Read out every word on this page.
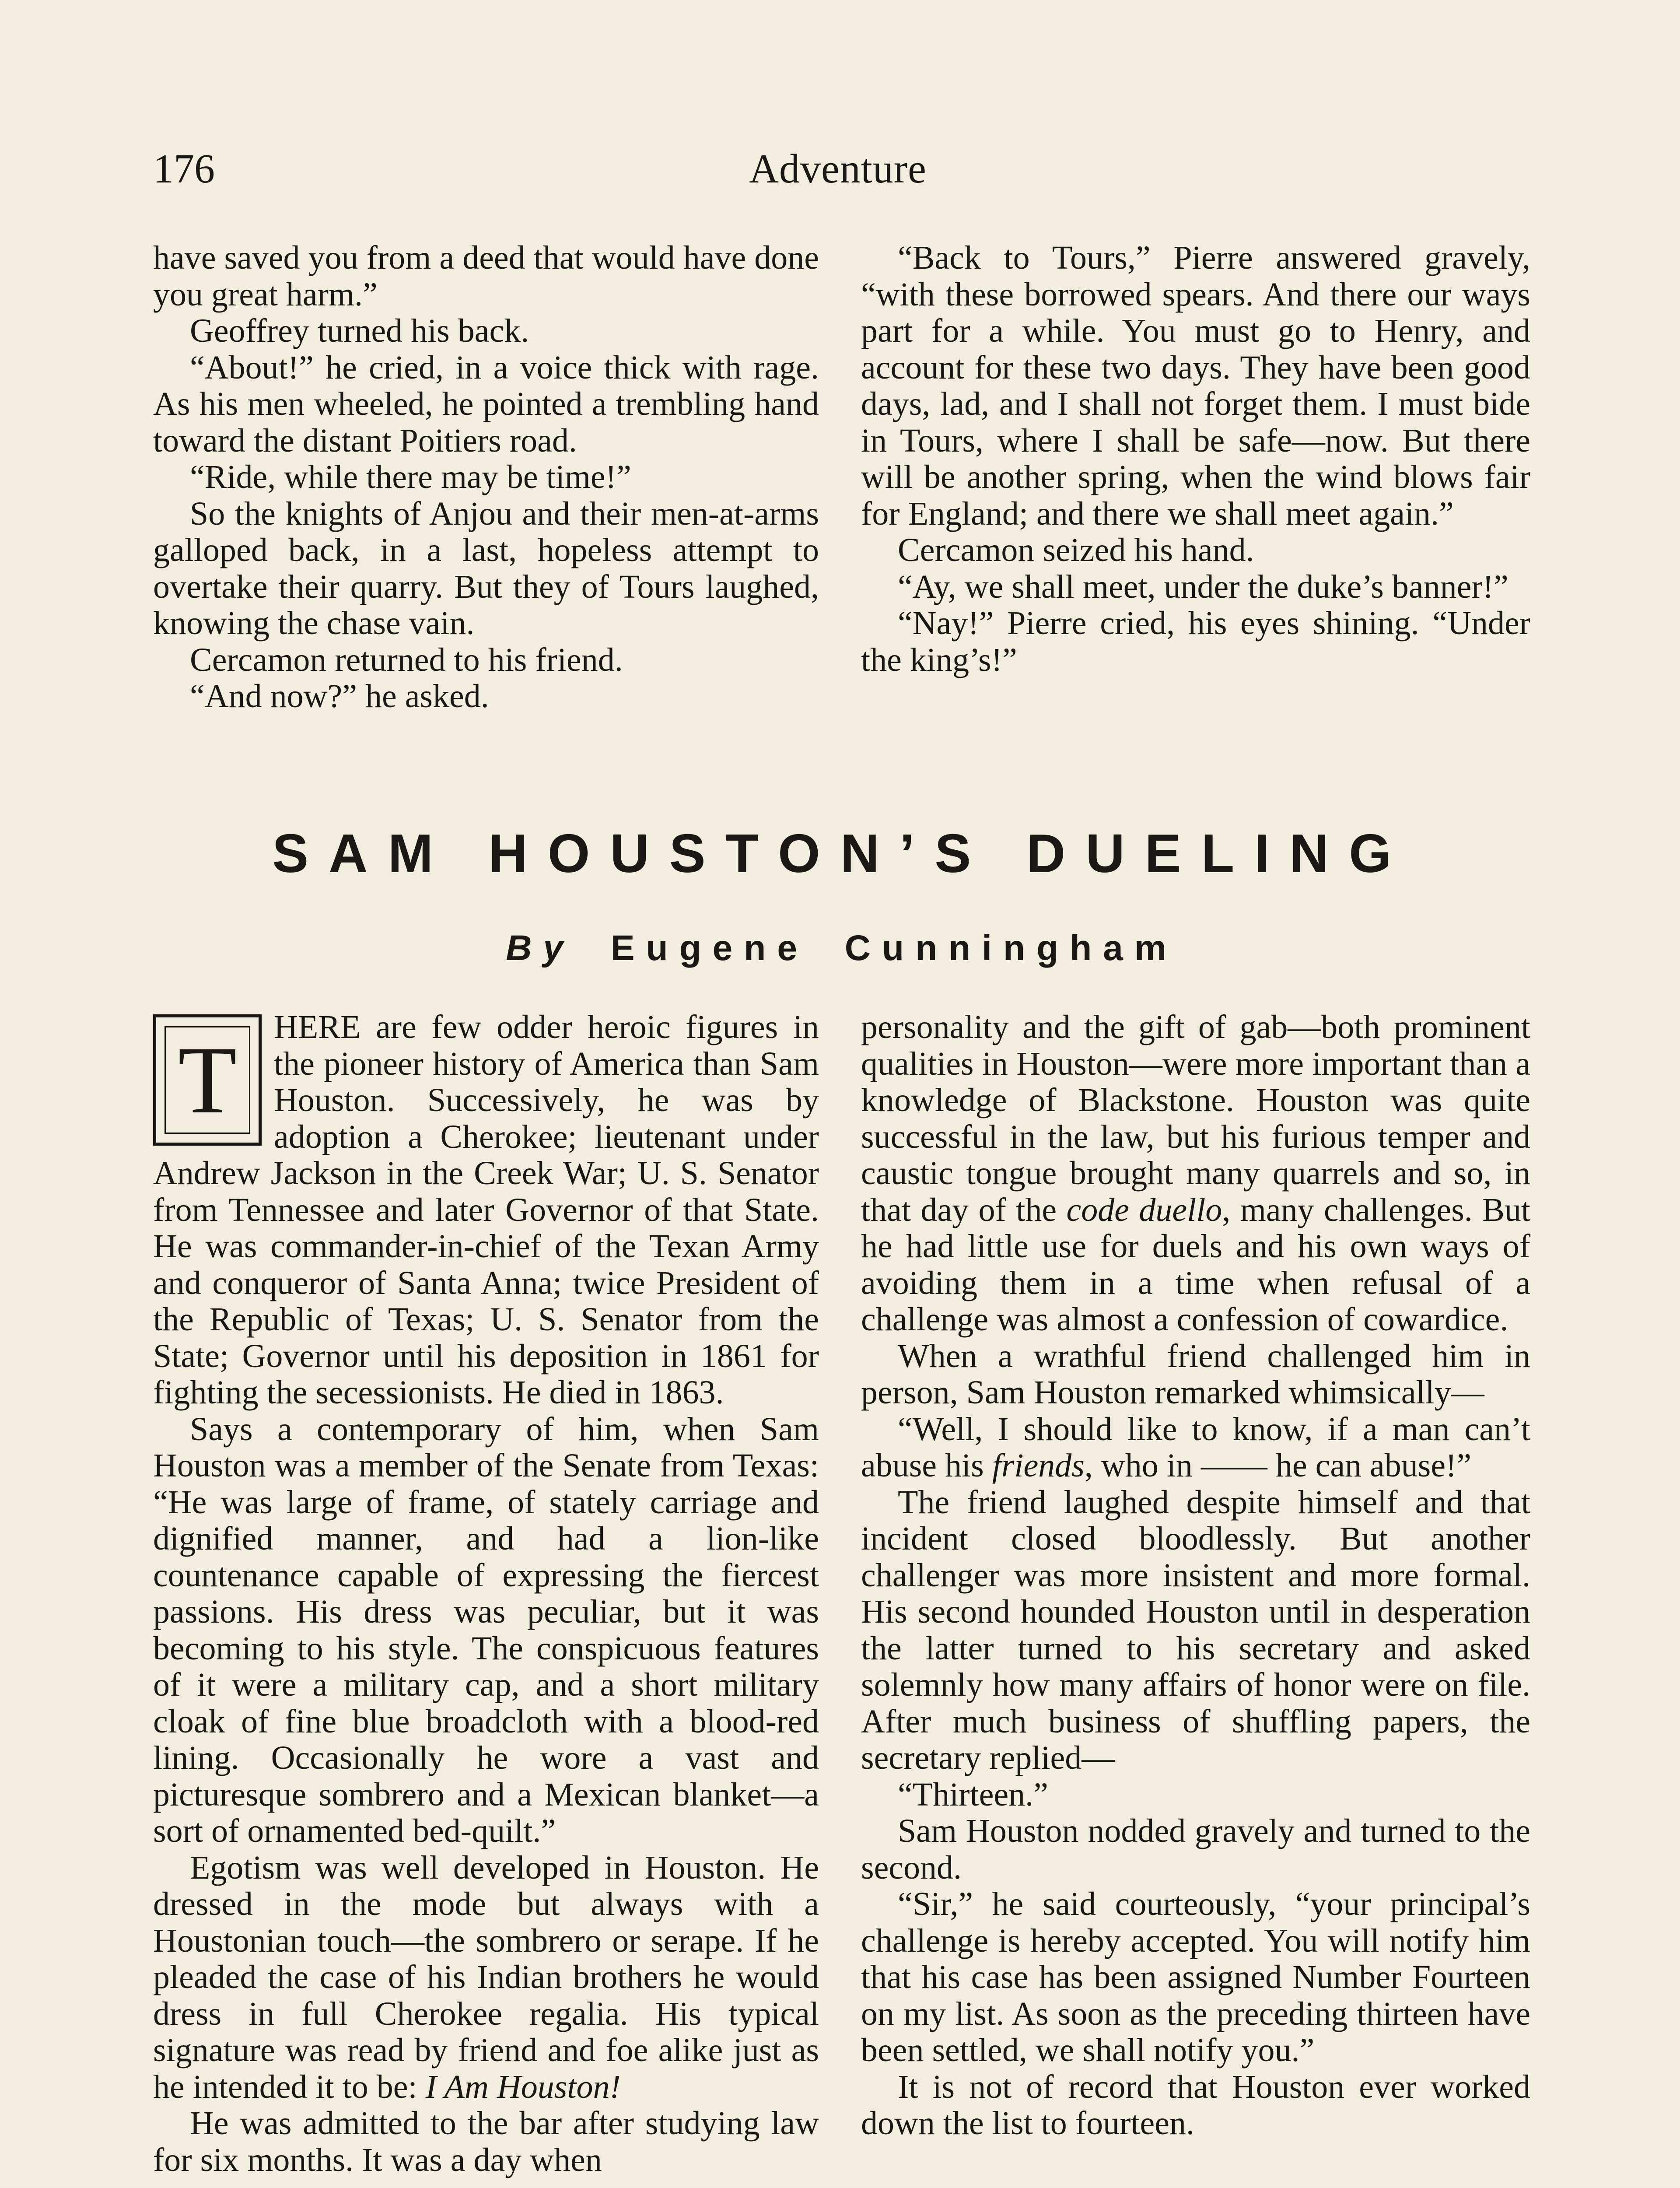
176	Adventure

have saved you from a deed that would have done you great harm.”

Geoffrey turned his back.

“About!” he cried, in a voice thick with rage. As his men wheeled, he pointed a trembling hand toward the distant Poitiers road.

“Ride, while there may be time!”

So the knights of Anjou and their men-at-arms galloped back, in a last, hopeless attempt to overtake their quarry. But they of Tours laughed, knowing the chase vain.

Cercamon returned to his friend.

“And now?” he asked.

“Back to Tours,” Pierre answered gravely, “with these borrowed spears. And there our ways part for a while. You must go to Henry, and account for these two days. They have been good days, lad, and I shall not forget them. I must bide in Tours, where I shall be safe—now. But there will be another spring, when the wind blows fair for England; and there we shall meet again.”

Cercamon seized his hand.

“Ay, we shall meet, under the duke’s banner!”

“Nay!” Pierre cried, his eyes shining. “Under the king’s!”

SAM HOUSTON’S DUELING
By Eugene Cunningham

T	HERE are few odder heroic figures in the pioneer history of America than Sam Houston. Successively, he was by adoption a Cherokee; lieutenant under Andrew Jackson in the Creek War; U. S. Senator from Tennessee and later Governor of that State. He was commander-in-chief of the Texan Army and conqueror of Santa Anna; twice President of the Republic of Texas; U. S. Senator from the State; Governor until his deposition in 1861 for fighting the secessionists. He died in 1863.

Says a contemporary of him, when Sam Houston was a member of the Senate from Texas: “He was large of frame, of stately carriage and dignified manner, and had a lion-like countenance capable of expressing the fiercest passions. His dress was peculiar, but it was becoming to his style. The conspicuous features of it were a military cap, and a short military cloak of fine blue broadcloth with a blood-red lining. Occasionally he wore a vast and picturesque sombrero and a Mexican blanket—a sort of ornamented bed-quilt.”

Egotism was well developed in Houston. He dressed in the mode but always with a Houstonian touch—the sombrero or serape. If he pleaded the case of his Indian brothers he would dress in full Cherokee regalia. His typical signature was read by friend and foe alike just as he intended it to be: I Am Houston!

He was admitted to the bar after studying law for six months. It was a day when

personality and the gift of gab—both prominent qualities in Houston—were more important than a knowledge of Blackstone. Houston was quite successful in the law, but his furious temper and caustic tongue brought many quarrels and so, in that day of the code duello, many challenges. But he had little use for duels and his own ways of avoiding them in a time when refusal of a challenge was almost a confession of cowardice.

When a wrathful friend challenged him in person, Sam Houston remarked whimsically—

“Well, I should like to know, if a man can’t abuse his friends, who in —— he can abuse!”

The friend laughed despite himself and that incident closed bloodlessly. But another challenger was more insistent and more formal. His second hounded Houston until in desperation the latter turned to his secretary and asked solemnly how many affairs of honor were on file. After much business of shuffling papers, the secretary replied—

“Thirteen.”

Sam Houston nodded gravely and turned to the second.

“Sir,” he said courteously, “your principal’s challenge is hereby accepted. You will notify him that his case has been assigned Number Fourteen on my list. As soon as the preceding thirteen have been settled, we shall notify you.”

It is not of record that Houston ever worked down the list to fourteen.
